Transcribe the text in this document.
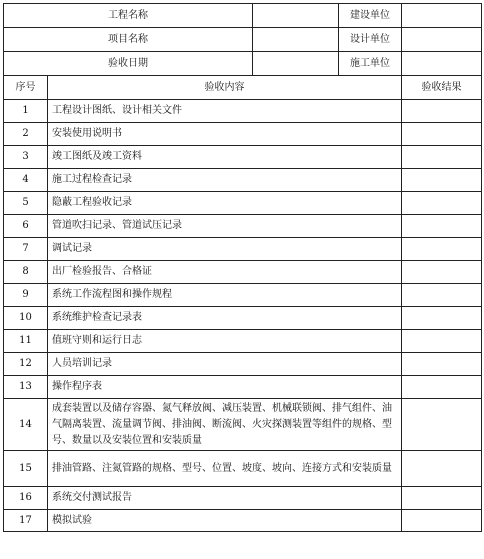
工程名称			建设单位	
项目名称			设计单位	
验收日期			施工单位	
序号	验收内容			验收结果
1	工程设计图纸、设计相关文件			
2	安装使用说明书			
3	竣工图纸及竣工资料			
4	施工过程检查记录			
5	隐蔽工程验收记录			
6	管道吹扫记录、管道试压记录			
7	调试记录			
8	出厂检验报告、合格证			
9	系统工作流程图和操作规程			
10	系统维护检查记录表			
11	值班守则和运行日志			
12	人员培训记录			
13	操作程序表			
14	成套装置以及储存容器、氮气释放阀、减压装置、机械联锁阀、排气组件、油气隔离装置、流量调节阀、排油阀、断流阀、火灾探测装置等组件的规格、型号、数量以及安装位置和安装质量			
15	排油管路、注氮管路的规格、型号、位置、坡度、坡向、连接方式和安装质量			
16	系统交付测试报告			
17	模拟试验			
